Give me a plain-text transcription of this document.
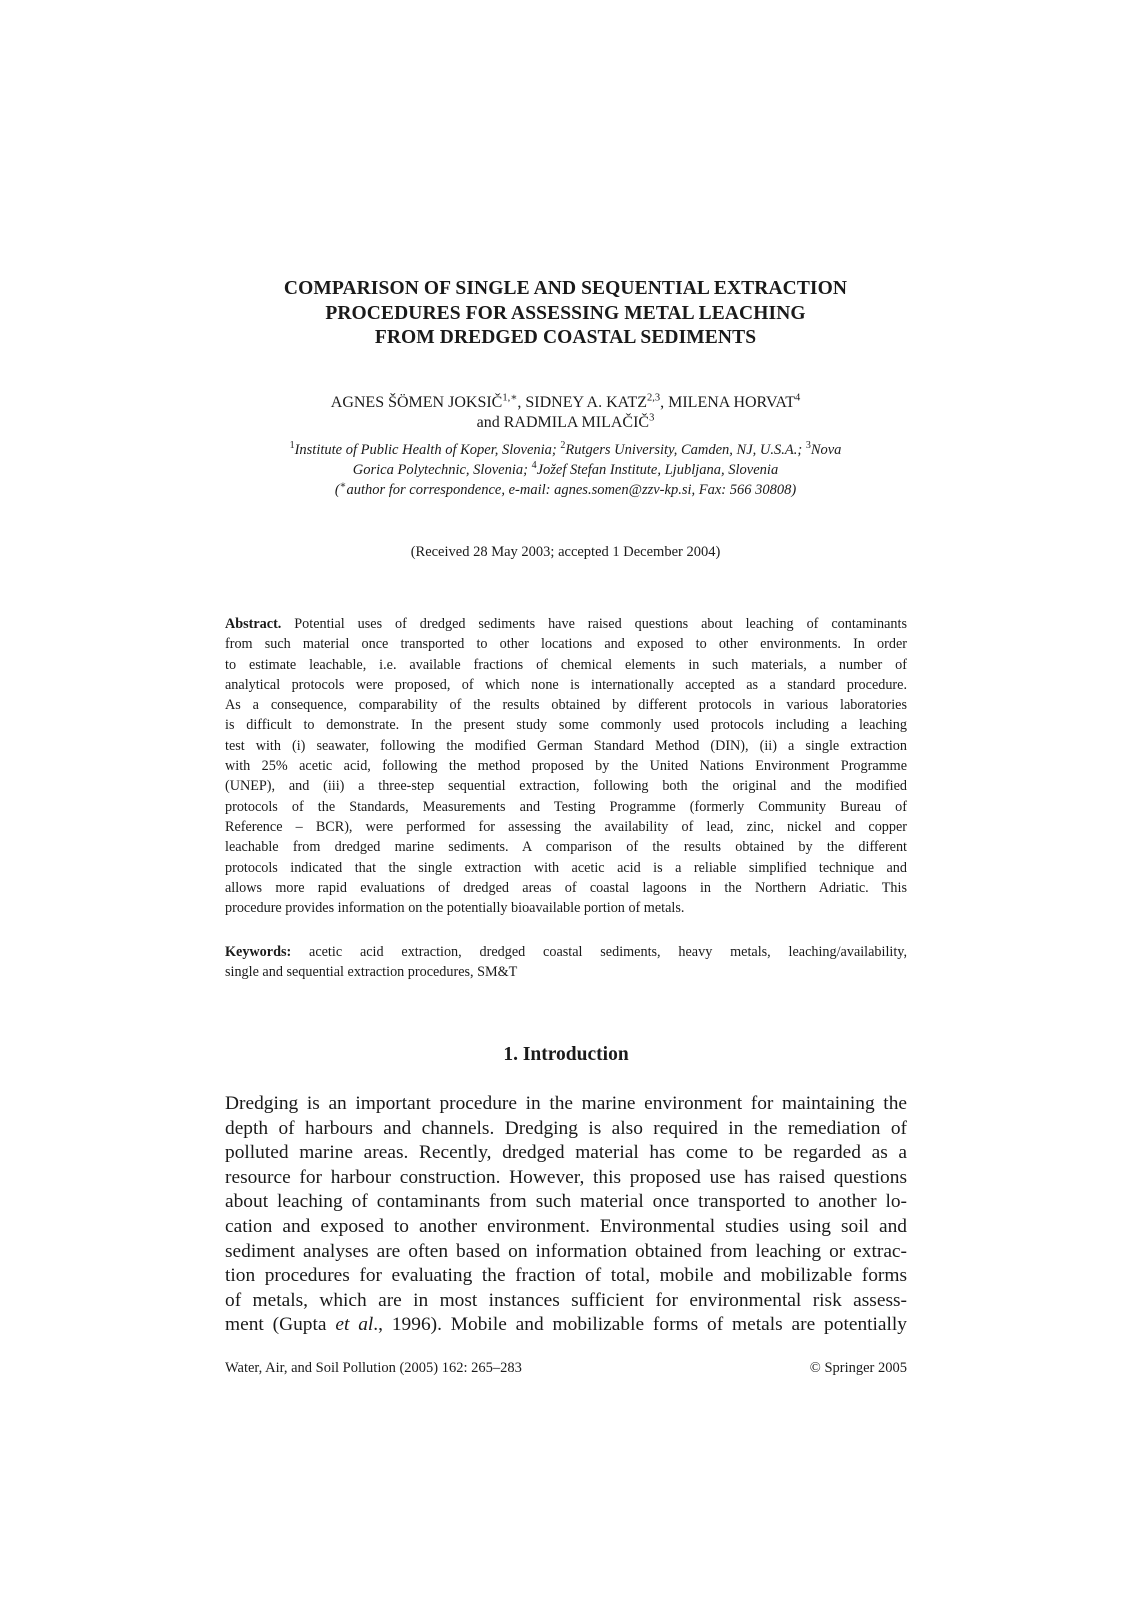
COMPARISON OF SINGLE AND SEQUENTIAL EXTRACTION
PROCEDURES FOR ASSESSING METAL LEACHING
FROM DREDGED COASTAL SEDIMENTS
AGNES ŠÖMEN $JOKSIČ^{1,∗}$, SIDNEY A. KATZ$^{2,3}$, MILENA HORVAT$^4$
and RADMILA MILAČIČ$^3$
$^1$Institute of Public Health of Koper, Slovenia; $^2$Rutgers University, Camden, NJ, U.S.A.; $^3$Nova
Gorica Polytechnic, Slovenia; $^4$Jožef Stefan Institute, Ljubljana, Slovenia
(∗author for correspondence, e-mail: agnes.somen@zzv-kp.si, Fax: 566 30808)
(Received 28 May 2003; accepted 1 December 2004)
Abstract. Potential uses of dredged sediments have raised questions about leaching of contaminants
from such material once transported to other locations and exposed to other environments. In order
to estimate leachable, i.e. available fractions of chemical elements in such materials, a number of
analytical protocols were proposed, of which none is internationally accepted as a standard procedure.
As a consequence, comparability of the results obtained by different protocols in various laboratories
is difficult to demonstrate. In the present study some commonly used protocols including a leaching
test with (i) seawater, following the modified German Standard Method (DIN), (ii) a single extraction
with 25% acetic acid, following the method proposed by the United Nations Environment Programme
(UNEP), and (iii) a three-step sequential extraction, following both the original and the modified
protocols of the Standards, Measurements and Testing Programme (formerly Community Bureau of
Reference – BCR), were performed for assessing the availability of lead, zinc, nickel and copper
leachable from dredged marine sediments. A comparison of the results obtained by the different
protocols indicated that the single extraction with acetic acid is a reliable simplified technique and
allows more rapid evaluations of dredged areas of coastal lagoons in the Northern Adriatic. This
procedure provides information on the potentially bioavailable portion of metals.
Keywords: acetic acid extraction, dredged coastal sediments, heavy metals, leaching/availability,
single and sequential extraction procedures, SM&T
1. Introduction
Dredging is an important procedure in the marine environment for maintaining the
depth of harbours and channels. Dredging is also required in the remediation of
polluted marine areas. Recently, dredged material has come to be regarded as a
resource for harbour construction. However, this proposed use has raised questions
about leaching of contaminants from such material once transported to another lo-
cation and exposed to another environment. Environmental studies using soil and
sediment analyses are often based on information obtained from leaching or extrac-
tion procedures for evaluating the fraction of total, mobile and mobilizable forms
of metals, which are in most instances sufficient for environmental risk assess-
ment (Gupta et al., 1996). Mobile and mobilizable forms of metals are potentially
Water, Air, and Soil Pollution (2005) 162: 265–283	© Springer 2005
